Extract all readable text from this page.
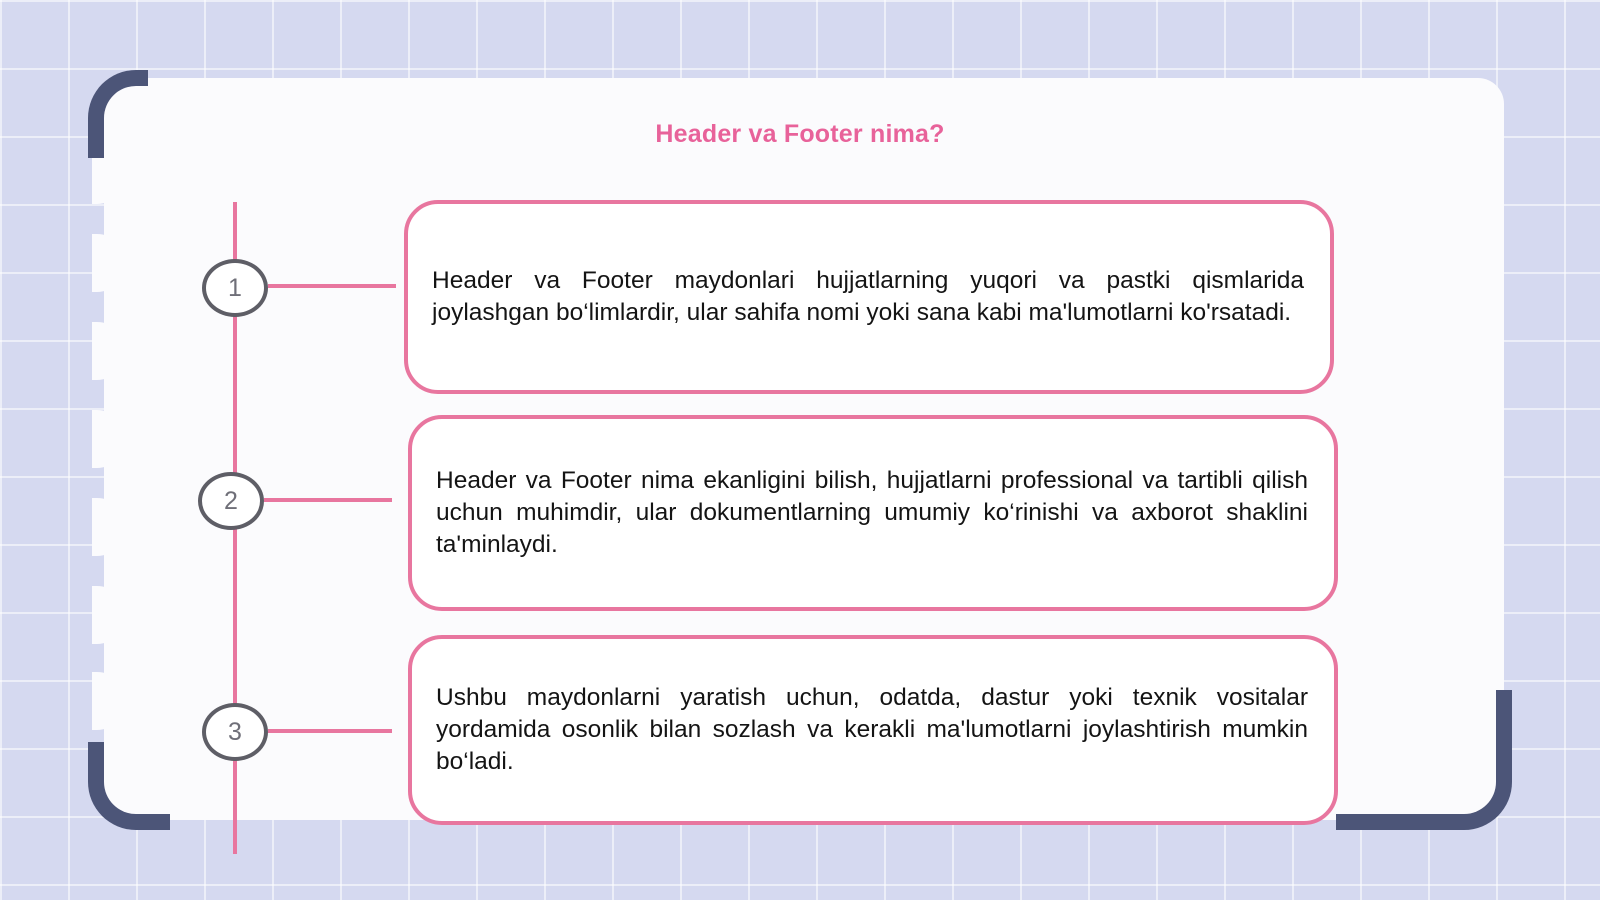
Header va Footer nima?
1	Header va Footer maydonlari hujjatlarning yuqori va pastki qismlarida joylashgan bo‘limlardir, ular sahifa nomi yoki sana kabi ma'lumotlarni ko'rsatadi.

2

Header va Footer nima ekanligini bilish, hujjatlarni professional va tartibli qilish uchun muhimdir, ular dokumentlarning umumiy ko‘rinishi va axborot shaklini ta'minlaydi.

3

Ushbu maydonlarni yaratish uchun, odatda, dastur yoki texnik vositalar yordamida osonlik bilan sozlash va kerakli ma'lumotlarni joylashtirish mumkin bo‘ladi.
